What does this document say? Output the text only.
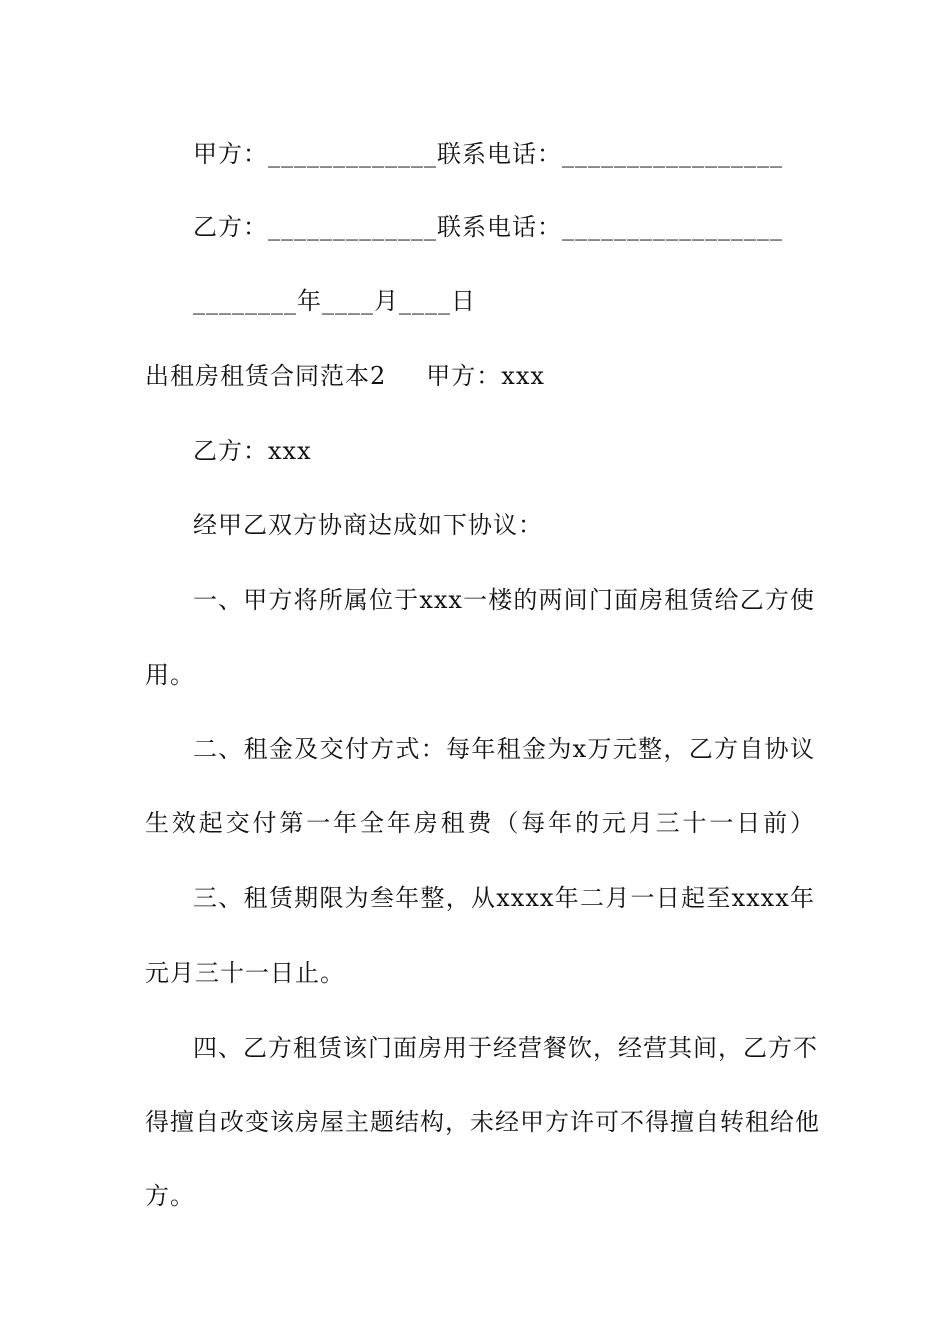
甲方：_____________联系电话：_________________
乙方：_____________联系电话：_________________
________年____月____日
出租房租赁合同范本2 甲方：xxx
乙方：xxx
经甲乙双方协商达成如下协议：
一、甲方将所属位于xxx一楼的两间门面房租赁给乙方使
用。
二、租金及交付方式：每年租金为x万元整，乙方自协议
生效起交付第一年全年房租费（每年的元月三十一日前）
三、租赁期限为叁年整，从xxxx年二月一日起至xxxx年
元月三十一日止。
四、乙方租赁该门面房用于经营餐饮，经营其间，乙方不
得擅自改变该房屋主题结构，未经甲方许可不得擅自转租给他
方。
